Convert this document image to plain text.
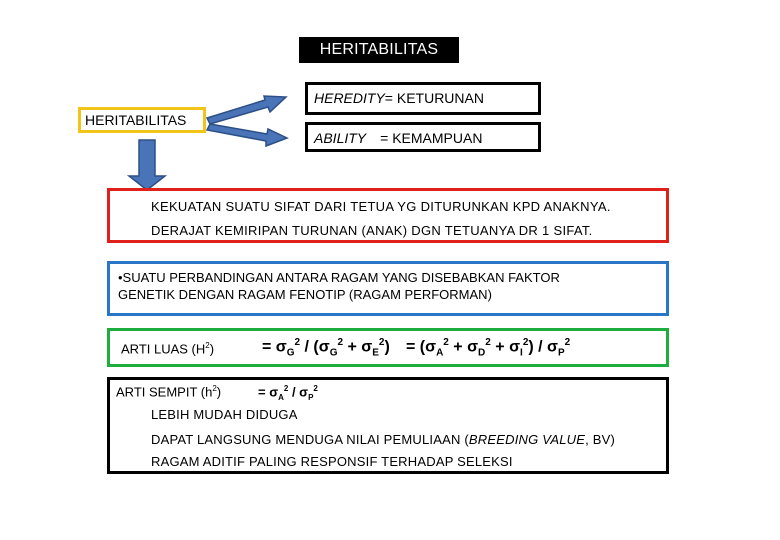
HERITABILITAS
HERITABILITAS
HEREDITY= KETURUNAN
ABILITY = KEMAMPUAN
KEKUATAN SUATU SIFAT DARI TETUA YG DITURUNKAN KPD ANAKNYA.
DERAJAT KEMIRIPAN TURUNAN (ANAK) DGN TETUANYA DR 1 SIFAT.
•SUATU PERBANDINGAN ANTARA RAGAM YANG DISEBABKAN FAKTOR
GENETIK DENGAN RAGAM FENOTIP (RAGAM PERFORMAN)
ARTI LUAS $(H^2)$	= $\sigma_G^2 / (\sigma_G^2 + \sigma_E^2) = (\sigma_A^2 + \sigma_D^2 + \sigma_I^2) / \sigma_P^2$
ARTI SEMPIT $(h^2)$	= $\sigma_A^2 / \sigma_P^2$
LEBIH MUDAH DIDUGA
DAPAT LANGSUNG MENDUGA NILAI PEMULIAAN (BREEDING VALUE, BV)
RAGAM ADITIF PALING RESPONSIF TERHADAP SELEKSI
